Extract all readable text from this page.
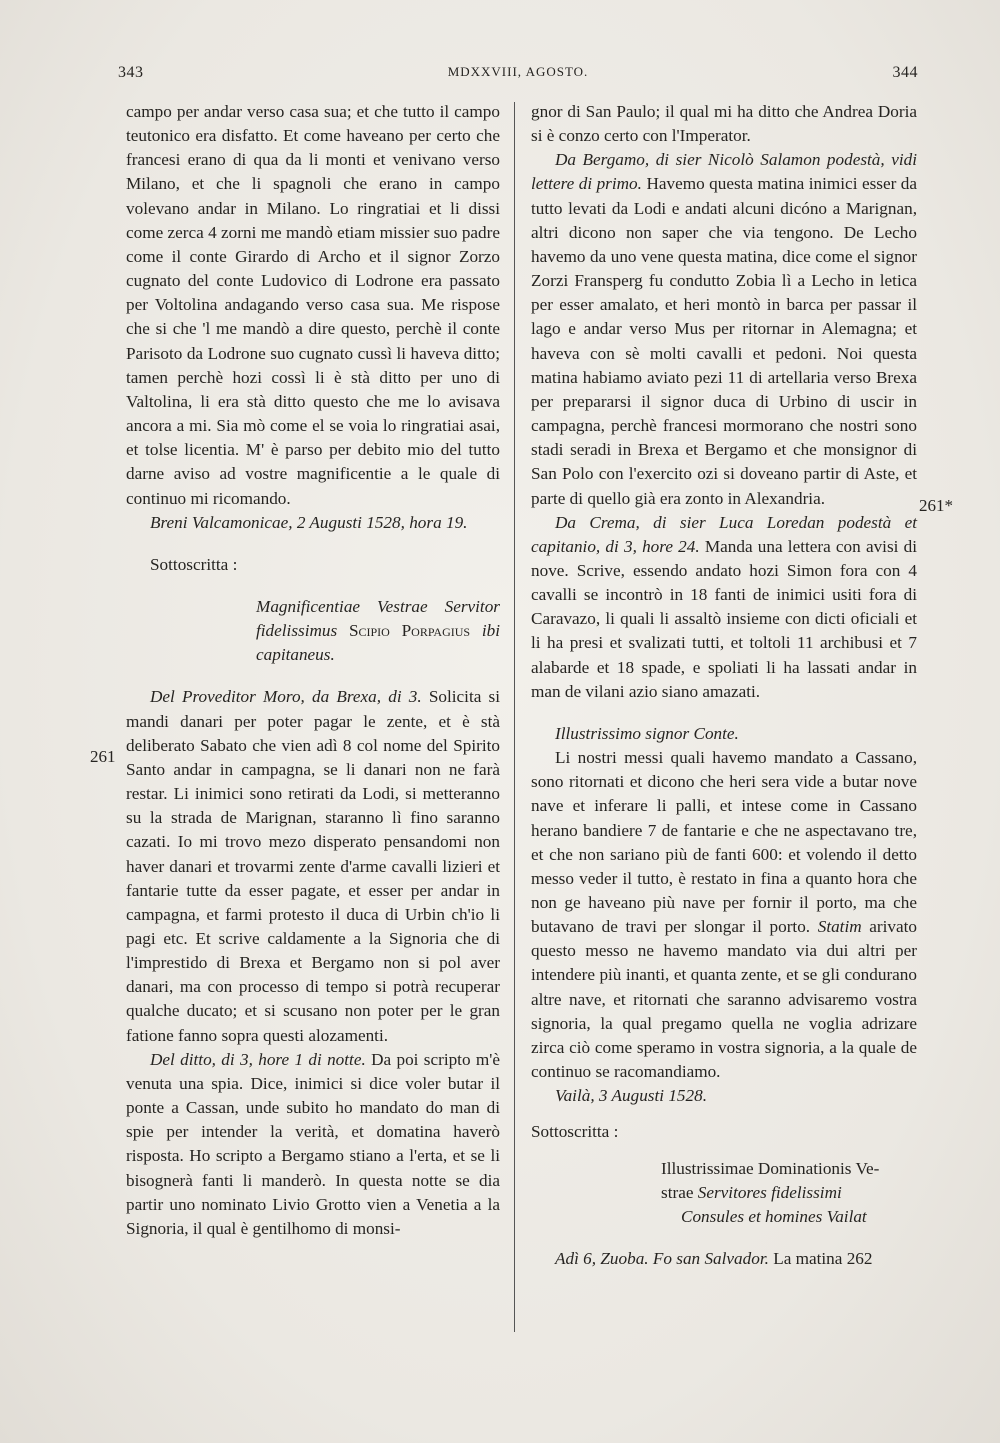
343	MDXXVIII, AGOSTO.	344
261
261*

campo per andar verso casa sua; et che tutto il campo teutonico era disfatto. Et come haveano per certo che francesi erano di qua da li monti et venivano verso Milano, et che li spagnoli che erano in campo volevano andar in Milano. Lo ringratiai et li dissi come zerca 4 zorni me mandò etiam missier suo padre come il conte Girardo di Archo et il signor Zorzo cugnato del conte Ludovico di Lodrone era passato per Voltolina andagando verso casa sua. Me rispose che si che 'l me mandò a dire questo, perchè il conte Parisoto da Lodrone suo cugnato cussì li haveva ditto; tamen perchè hozi cossì li è stà ditto per uno di Valtolina, li era stà ditto questo che me lo avisava ancora a mi. Sia mò come el se voia lo ringratiai asai, et tolse licentia. M' è parso per debito mio del tutto darne aviso ad vostre magnificentie a le quale di continuo mi ricomando.

Breni Valcamonicae, 2 Augusti 1528, hora 19.

Sottoscritta :

Magnificentiae Vestrae Servitor fidelissimus Scipio Porpagius ibi capitaneus.

Del Proveditor Moro, da Brexa, di 3. Solicita si mandi danari per poter pagar le zente, et è stà deliberato Sabato che vien adì 8 col nome del Spirito Santo andar in campagna, se li danari non ne farà restar. Li inimici sono retirati da Lodi, si metteranno su la strada de Marignan, staranno lì fino saranno cazati. Io mi trovo mezo disperato pensandomi non haver danari et trovarmi zente d'arme cavalli lizieri et fantarie tutte da esser pagate, et esser per andar in campagna, et farmi protesto il duca di Urbin ch'io li pagi etc. Et scrive caldamente a la Signoria che di l'imprestido di Brexa et Bergamo non si pol aver danari, ma con processo di tempo si potrà recuperar qualche ducato; et si scusano non poter per le gran fatione fanno sopra questi alozamenti.

Del ditto, di 3, hore 1 di notte. Da poi scripto m'è venuta una spia. Dice, inimici si dice voler butar il ponte a Cassan, unde subito ho mandato do man di spie per intender la verità, et domatina haverò risposta. Ho scripto a Bergamo stiano a l'erta, et se li bisognerà fanti li manderò. In questa notte se dia partir uno nominato Livio Grotto vien a Venetia a la Signoria, il qual è gentilhomo di monsi-

gnor di San Paulo; il qual mi ha ditto che Andrea Doria si è conzo certo con l'Imperator.

Da Bergamo, di sier Nicolò Salamon podestà, vidi lettere di primo. Havemo questa matina inimici esser da tutto levati da Lodi e andati alcuni dicóno a Marignan, altri dicono non saper che via tengono. De Lecho havemo da uno vene questa matina, dice come el signor Zorzi Fransperg fu condutto Zobia lì a Lecho in letica per esser amalato, et heri montò in barca per passar il lago e andar verso Mus per ritornar in Alemagna; et haveva con sè molti cavalli et pedoni. Noi questa matina habiamo aviato pezi 11 di artellaria verso Brexa per prepararsi il signor duca di Urbino di uscir in campagna, perchè francesi mormorano che nostri sono stadi seradi in Brexa et Bergamo et che monsignor di San Polo con l'exercito ozi si doveano partir di Aste, et parte di quello già era zonto in Alexandria.

Da Crema, di sier Luca Loredan podestà et capitanio, di 3, hore 24. Manda una lettera con avisi di nove. Scrive, essendo andato hozi Simon fora con 4 cavalli se incontrò in 18 fanti de inimici usiti fora di Caravazo, li quali li assaltò insieme con dicti oficiali et li ha presi et svalizati tutti, et toltoli 11 archibusi et 7 alabarde et 18 spade, e spoliati li ha lassati andar in man de vilani azio siano amazati.

Illustrissimo signor Conte.

Li nostri messi quali havemo mandato a Cassano, sono ritornati et dicono che heri sera vide a butar nove nave et inferare li palli, et intese come in Cassano herano bandiere 7 de fantarie e che ne aspectavano tre, et che non sariano più de fanti 600: et volendo il detto messo veder il tutto, è restato in fina a quanto hora che non ge haveano più nave per fornir il porto, ma che butavano de travi per slongar il porto. Statim arivato questo messo ne havemo mandato via dui altri per intendere più inanti, et quanta zente, et se gli condurano altre nave, et ritornati che saranno advisaremo vostra signoria, la qual pregamo quella ne voglia adrizare zirca ciò come speramo in vostra signoria, a la quale de continuo se racomandiamo.

Vailà, 3 Augusti 1528.

Sottoscritta :

Illustrissimae Dominationis Ve-

strae Servitores fidelissimi

Consules et homines Vailat

Adì 6, Zuoba. Fo san Salvador. La matina 262
